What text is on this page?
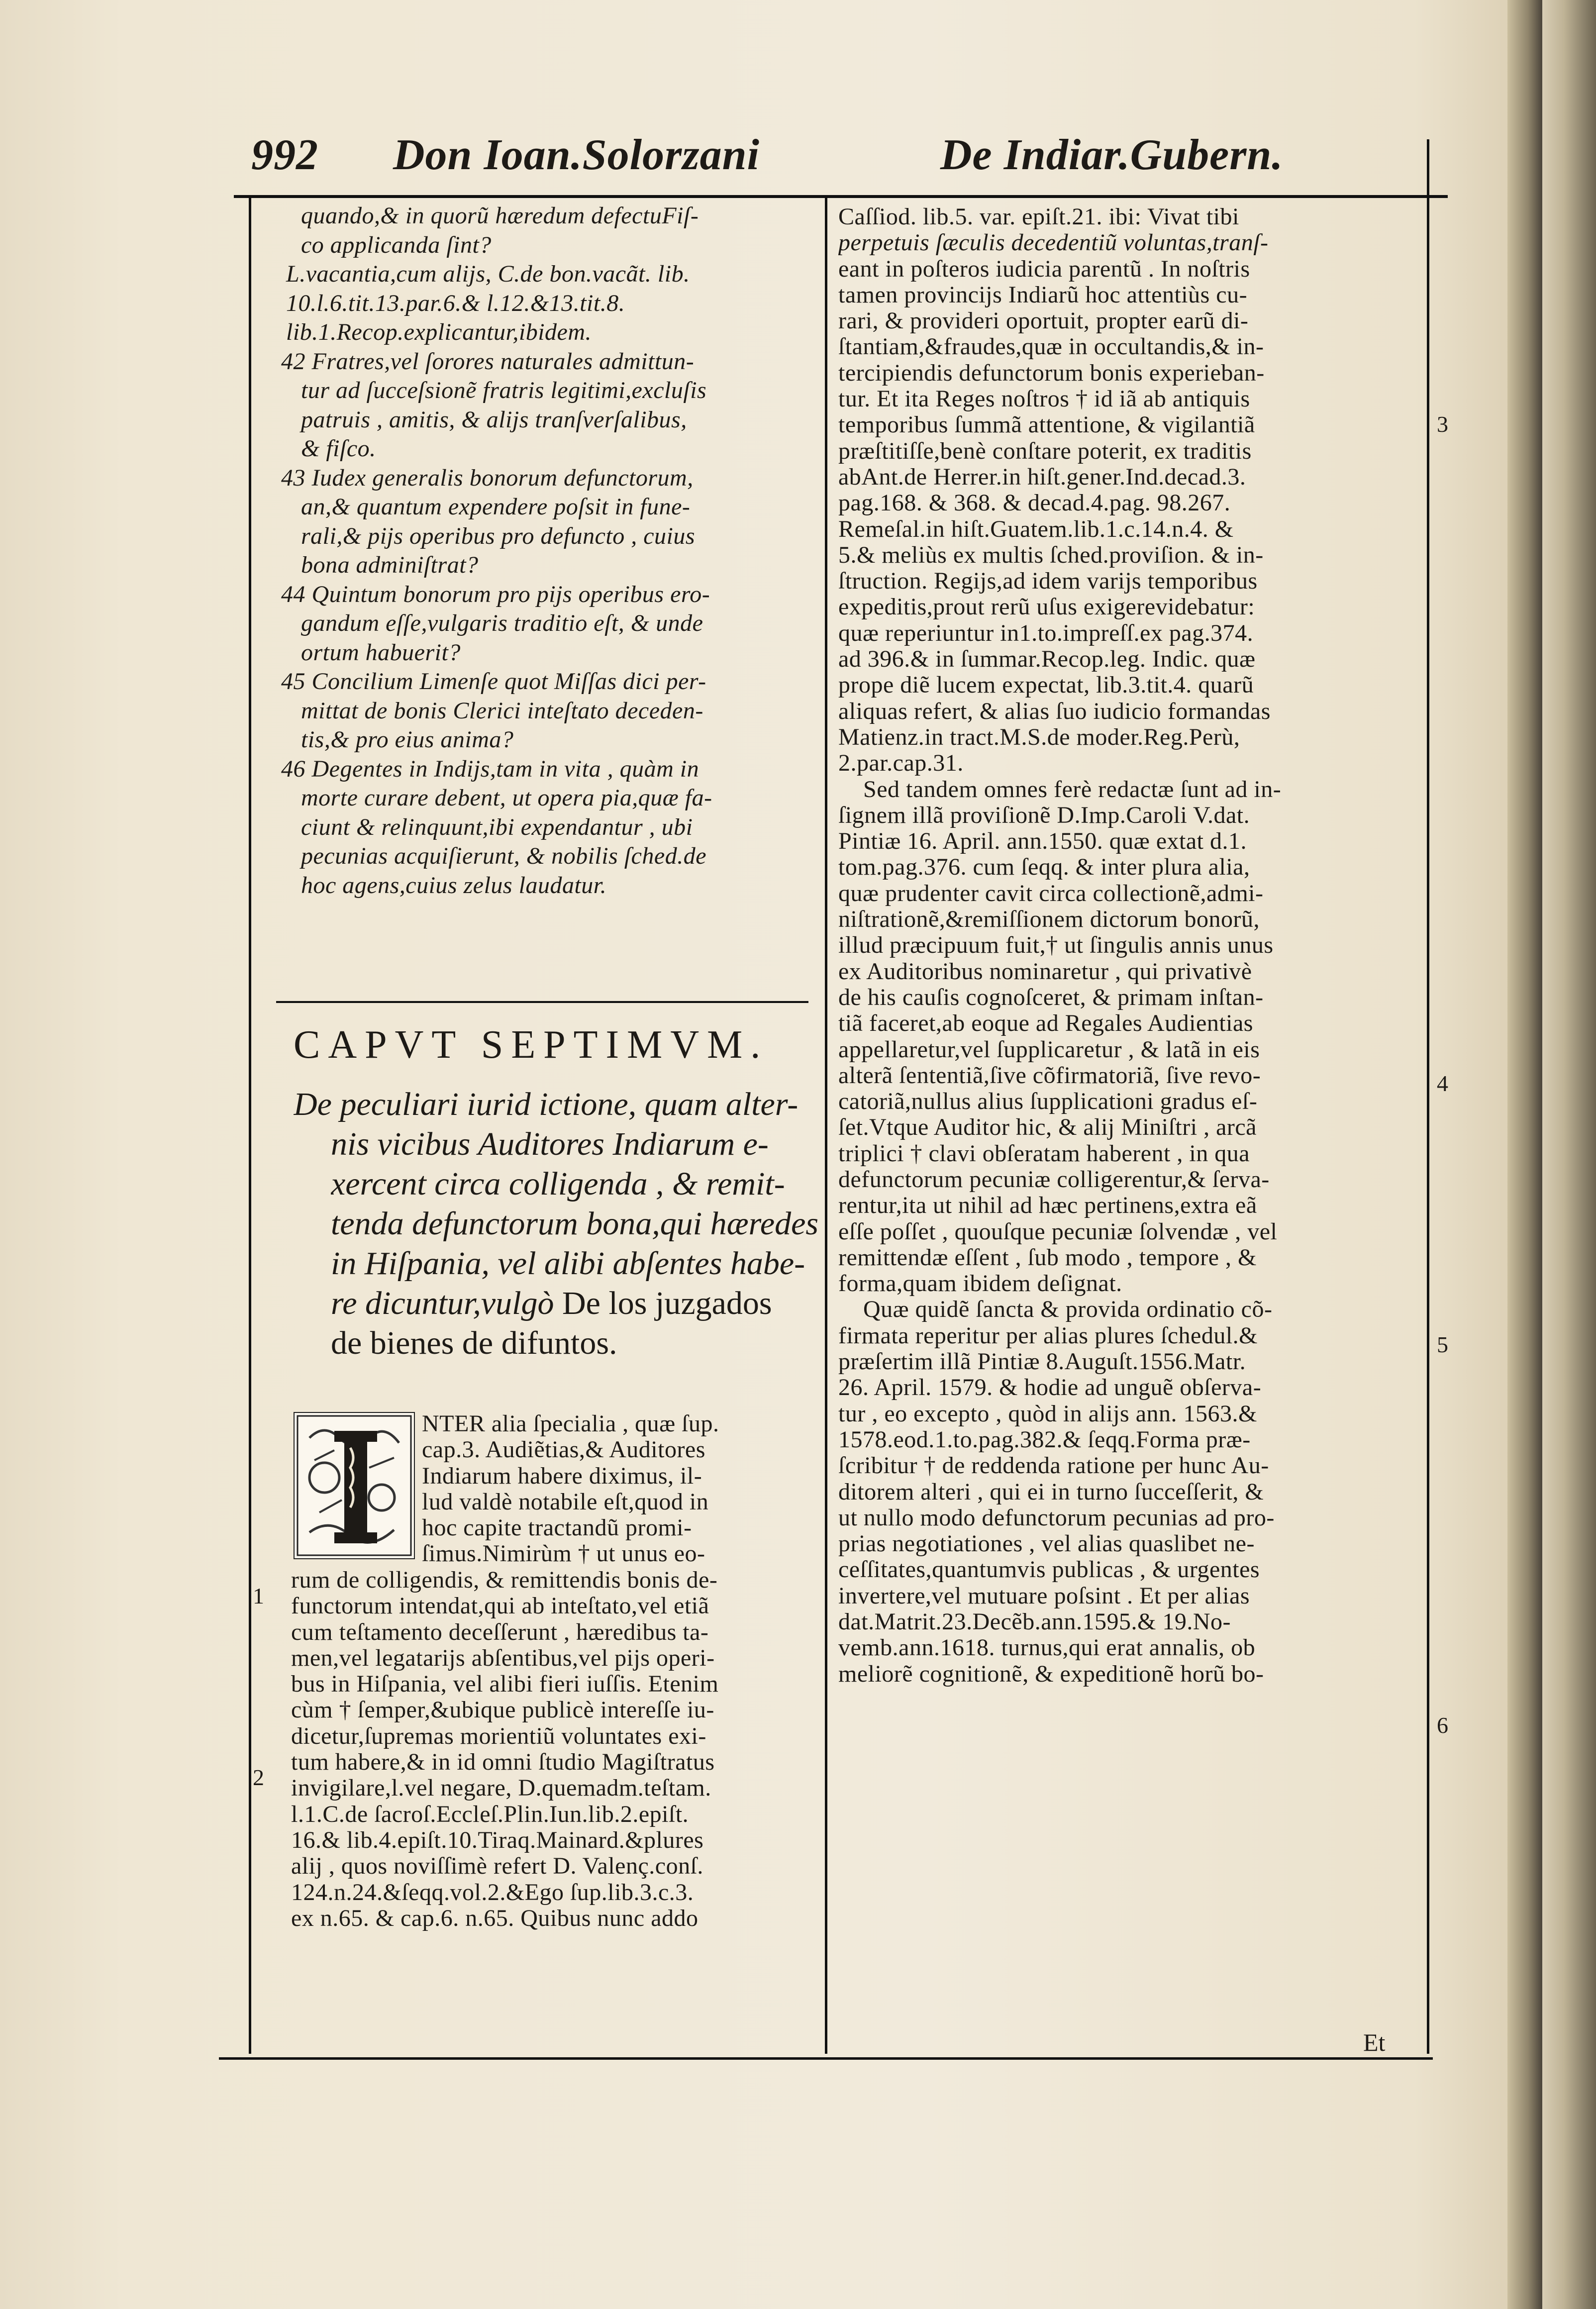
992 Don Ioan.Solorzani	De Indiar.Gubern.
quando,& in quorũ hæredum defectuFiſ-
co applicanda ſint?
L.vacantia,cum alijs, C.de bon.vacãt. lib.
10.l.6.tit.13.par.6.& l.12.&13.tit.8.
lib.1.Recop.explicantur,ibidem.
42 Fratres,vel ſorores naturales admittun-
tur ad ſucceſsionẽ fratris legitimi,excluſis
patruis , amitis, & alijs tranſverſalibus,
& fiſco.
43 Iudex generalis bonorum defunctorum,
an,& quantum expendere poſsit in fune-
rali,& pijs operibus pro defuncto , cuius
bona adminiſtrat?
44 Quintum bonorum pro pijs operibus ero-
gandum eſſe,vulgaris traditio eſt, & unde
ortum habuerit?
45 Concilium Limenſe quot Miſſas dici per-
mittat de bonis Clerici inteſtato deceden-
tis,& pro eius anima?
46 Degentes in Indijs,tam in vita , quàm in
morte curare debent, ut opera pia,quæ fa-
ciunt & relinquunt,ibi expendantur , ubi
pecunias acquiſierunt, & nobilis ſched.de
hoc agens,cuius zelus laudatur.
CAPVT SEPTIMVM.
De peculiari iurid ictione, quam alter-
nis vicibus Auditores Indiarum e-
xercent circa colligenda , & remit-
tenda defunctorum bona,qui hæredes
in Hiſpania, vel alibi abſentes habe-
re dicuntur,vulgò De los juzgados
de bienes de difuntos.
NTER alia ſpecialia , quæ ſup.
cap.3. Audiẽtias,& Auditores
Indiarum habere diximus, il-
lud valdè notabile eſt,quod in
hoc capite tractandũ promi-
ſimus.Nimirùm † ut unus eo-
rum de colligendis, & remittendis bonis de-
functorum intendat,qui ab inteſtato,vel etiã
cum teſtamento deceſſerunt , hæredibus ta-
men,vel legatarijs abſentibus,vel pijs operi-
bus in Hiſpania, vel alibi fieri iuſſis. Etenim
cùm † ſemper,&ubique publicè intereſſe iu-
dicetur,ſupremas morientiũ voluntates exi-
tum habere,& in id omni ſtudio Magiſtratus
invigilare,l.vel negare, D.quemadm.teſtam.
l.1.C.de ſacroſ.Eccleſ.Plin.Iun.lib.2.epiſt.
16.& lib.4.epiſt.10.Tiraq.Mainard.&plures
alij , quos noviſſimè refert D. Valenç.conſ.
124.n.24.&ſeqq.vol.2.&Ego ſup.lib.3.c.3.
ex n.65. & cap.6. n.65. Quibus nunc addo
Caſſiod. lib.5. var. epiſt.21. ibi: Vivat tibi
perpetuis ſæculis decedentiũ voluntas,tranſ-
eant in poſteros iudicia parentũ . In noſtris
tamen provincijs Indiarũ hoc attentiùs cu-
rari, & provideri oportuit, propter earũ di-
ſtantiam,&fraudes,quæ in occultandis,& in-
tercipiendis defunctorum bonis experieban-
tur. Et ita Reges noſtros † id iã ab antiquis
temporibus ſummã attentione, & vigilantiã
præſtitiſſe,benè conſtare poterit, ex traditis
abAnt.de Herrer.in hiſt.gener.Ind.decad.3.
pag.168. & 368. & decad.4.pag. 98.267.
Remeſal.in hiſt.Guatem.lib.1.c.14.n.4. &
5.& meliùs ex multis ſched.proviſion. & in-
ſtruction. Regijs,ad idem varijs temporibus
expeditis,prout rerũ uſus exigerevidebatur:
quæ reperiuntur in1.to.impreſſ.ex pag.374.
ad 396.& in ſummar.Recop.leg. Indic. quæ
prope diẽ lucem expectat, lib.3.tit.4. quarũ
aliquas refert, & alias ſuo iudicio formandas
Matienz.in tract.M.S.de moder.Reg.Perù,
2.par.cap.31.
Sed tandem omnes ferè redactæ ſunt ad in-
ſignem illã proviſionẽ D.Imp.Caroli V.dat.
Pintiæ 16. April. ann.1550. quæ extat d.1.
tom.pag.376. cum ſeqq. & inter plura alia,
quæ prudenter cavit circa collectionẽ,admi-
niſtrationẽ,&remiſſionem dictorum bonorũ,
illud præcipuum fuit,† ut ſingulis annis unus
ex Auditoribus nominaretur , qui privativè
de his cauſis cognoſceret, & primam inſtan-
tiã faceret,ab eoque ad Regales Audientias
appellaretur,vel ſupplicaretur , & latã in eis
alterã ſententiã,ſive cõfirmatoriã, ſive revo-
catoriã,nullus alius ſupplicationi gradus eſ-
ſet.Vtque Auditor hic, & alij Miniſtri , arcã
triplici † clavi obſeratam haberent , in qua
defunctorum pecuniæ colligerentur,& ſerva-
rentur,ita ut nihil ad hæc pertinens,extra eã
eſſe poſſet , quouſque pecuniæ ſolvendæ , vel
remittendæ eſſent , ſub modo , tempore , &
forma,quam ibidem deſignat.
Quæ quidẽ ſancta & provida ordinatio cõ-
firmata reperitur per alias plures ſchedul.&
præſertim illã Pintiæ 8.Auguſt.1556.Matr.
26. April. 1579. & hodie ad unguẽ obſerva-
tur , eo excepto , quòd in alijs ann. 1563.&
1578.eod.1.to.pag.382.& ſeqq.Forma præ-
ſcribitur † de reddenda ratione per hunc Au-
ditorem alteri , qui ei in turno ſucceſſerit, &
ut nullo modo defunctorum pecunias ad pro-
prias negotiationes , vel alias quaslibet ne-
ceſſitates,quantumvis publicas , & urgentes
invertere,vel mutuare poſsint . Et per alias
dat.Matrit.23.Decẽb.ann.1595.& 19.No-
vemb.ann.1618. turnus,qui erat annalis, ob
meliorẽ cognitionẽ, & expeditionẽ horũ bo-
1
2
3
4
5
6
Et
